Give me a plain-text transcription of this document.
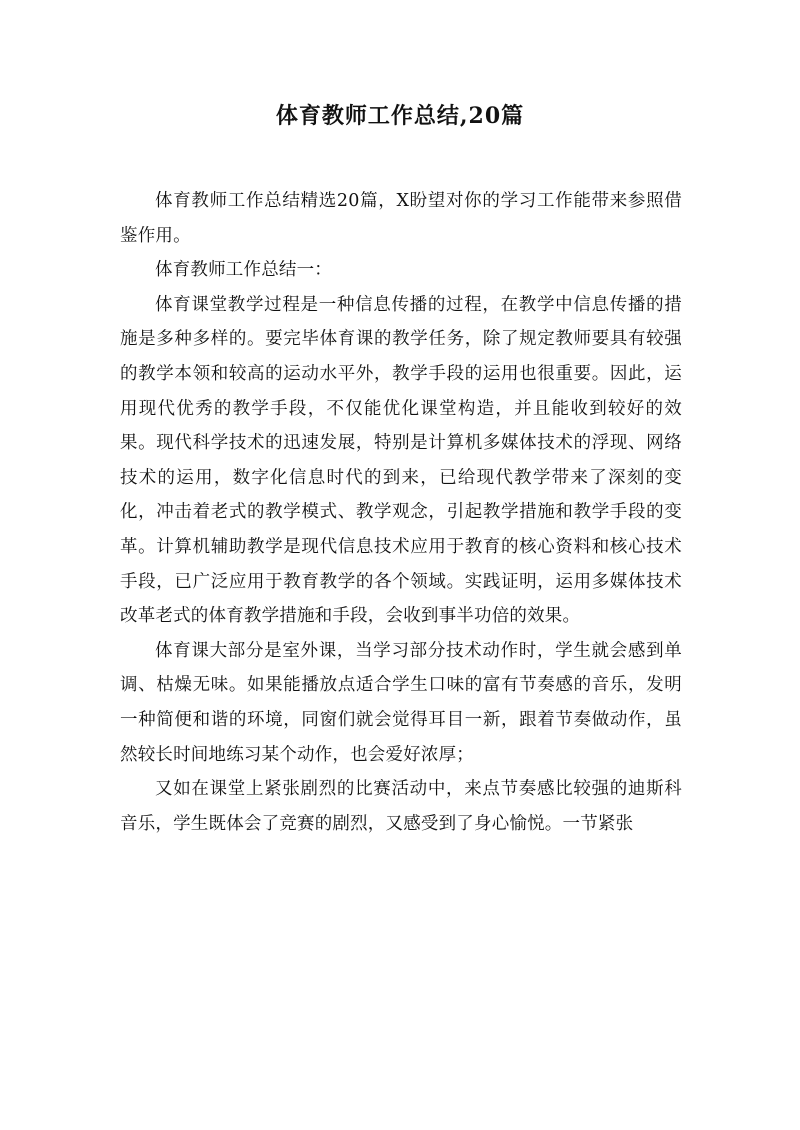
体育教师工作总结,20篇

体育教师工作总结精选20篇，X盼望对你的学习工作能带来参照借鉴作用。

体育教师工作总结一：

体育课堂教学过程是一种信息传播的过程，在教学中信息传播的措施是多种多样的。要完毕体育课的教学任务，除了规定教师要具有较强的教学本领和较高的运动水平外，教学手段的运用也很重要。因此，运用现代优秀的教学手段，不仅能优化课堂构造，并且能收到较好的效果。现代科学技术的迅速发展，特别是计算机多媒体技术的浮现、网络技术的运用，数字化信息时代的到来，已给现代教学带来了深刻的变化，冲击着老式的教学模式、教学观念，引起教学措施和教学手段的变革。计算机辅助教学是现代信息技术应用于教育的核心资料和核心技术手段，已广泛应用于教育教学的各个领域。实践证明，运用多媒体技术改革老式的体育教学措施和手段，会收到事半功倍的效果。

体育课大部分是室外课，当学习部分技术动作时，学生就会感到单调、枯燥无味。如果能播放点适合学生口味的富有节奏感的音乐，发明一种简便和谐的环境，同窗们就会觉得耳目一新，跟着节奏做动作，虽然较长时间地练习某个动作，也会爱好浓厚；

又如在课堂上紧张剧烈的比赛活动中，来点节奏感比较强的迪斯科音乐，学生既体会了竞赛的剧烈，又感受到了身心愉悦。一节紧张
